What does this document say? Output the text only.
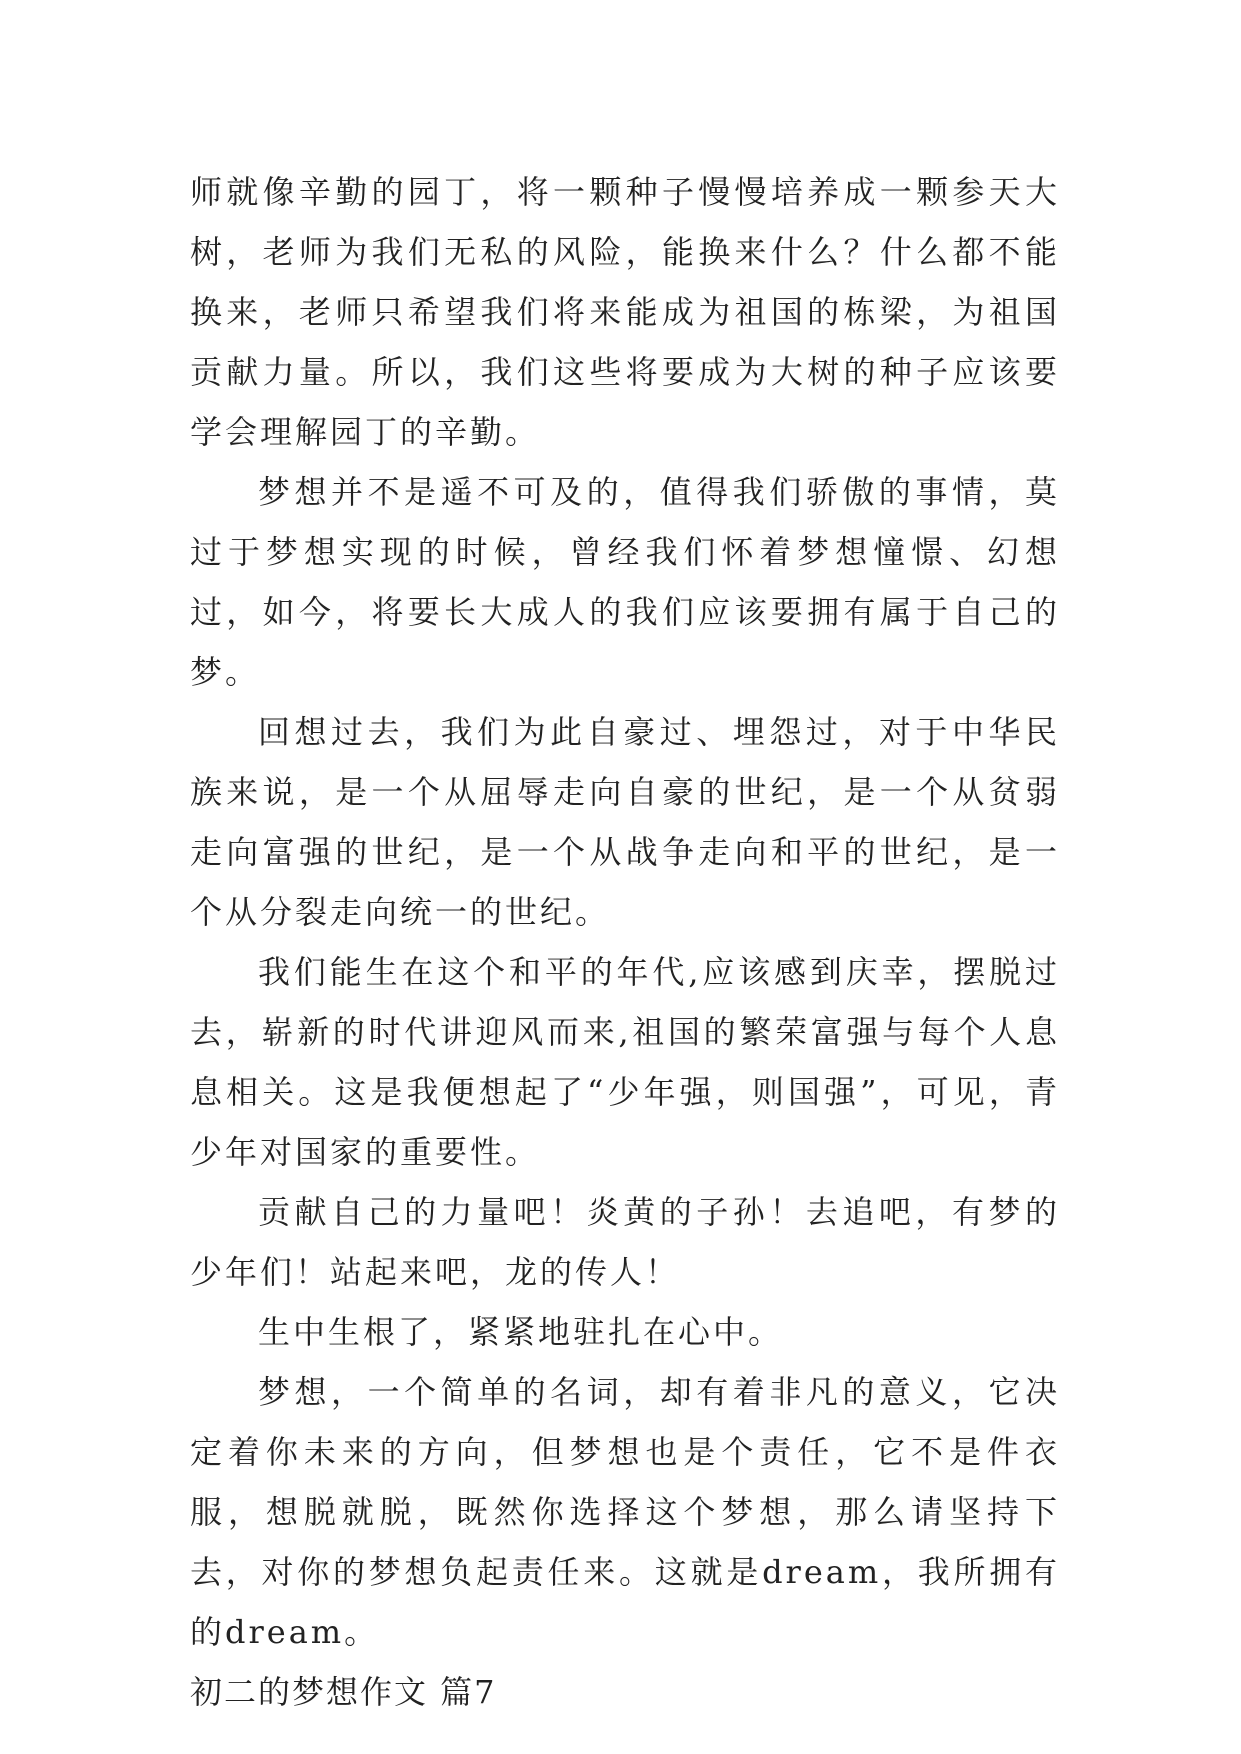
师就像辛勤的园丁，将一颗种子慢慢培养成一颗参天大树，老师为我们无私的风险，能换来什么？什么都不能换来，老师只希望我们将来能成为祖国的栋梁，为祖国贡献力量。所以，我们这些将要成为大树的种子应该要学会理解园丁的辛勤。

梦想并不是遥不可及的，值得我们骄傲的事情，莫过于梦想实现的时候，曾经我们怀着梦想憧憬、幻想过，如今，将要长大成人的我们应该要拥有属于自己的梦。

回想过去，我们为此自豪过、埋怨过，对于中华民族来说，是一个从屈辱走向自豪的世纪，是一个从贫弱走向富强的世纪，是一个从战争走向和平的世纪，是一个从分裂走向统一的世纪。

我们能生在这个和平的年代,应该感到庆幸，摆脱过去，崭新的时代讲迎风而来,祖国的繁荣富强与每个人息息相关。这是我便想起了“少年强，则国强”，可见，青少年对国家的重要性。

贡献自己的力量吧！炎黄的子孙！去追吧，有梦的少年们！站起来吧，龙的传人！

生中生根了，紧紧地驻扎在心中。

梦想，一个简单的名词，却有着非凡的意义，它决定着你未来的方向，但梦想也是个责任，它不是件衣服，想脱就脱，既然你选择这个梦想，那么请坚持下去，对你的梦想负起责任来。这就是dream，我所拥有的dream。

初二的梦想作文 篇7
